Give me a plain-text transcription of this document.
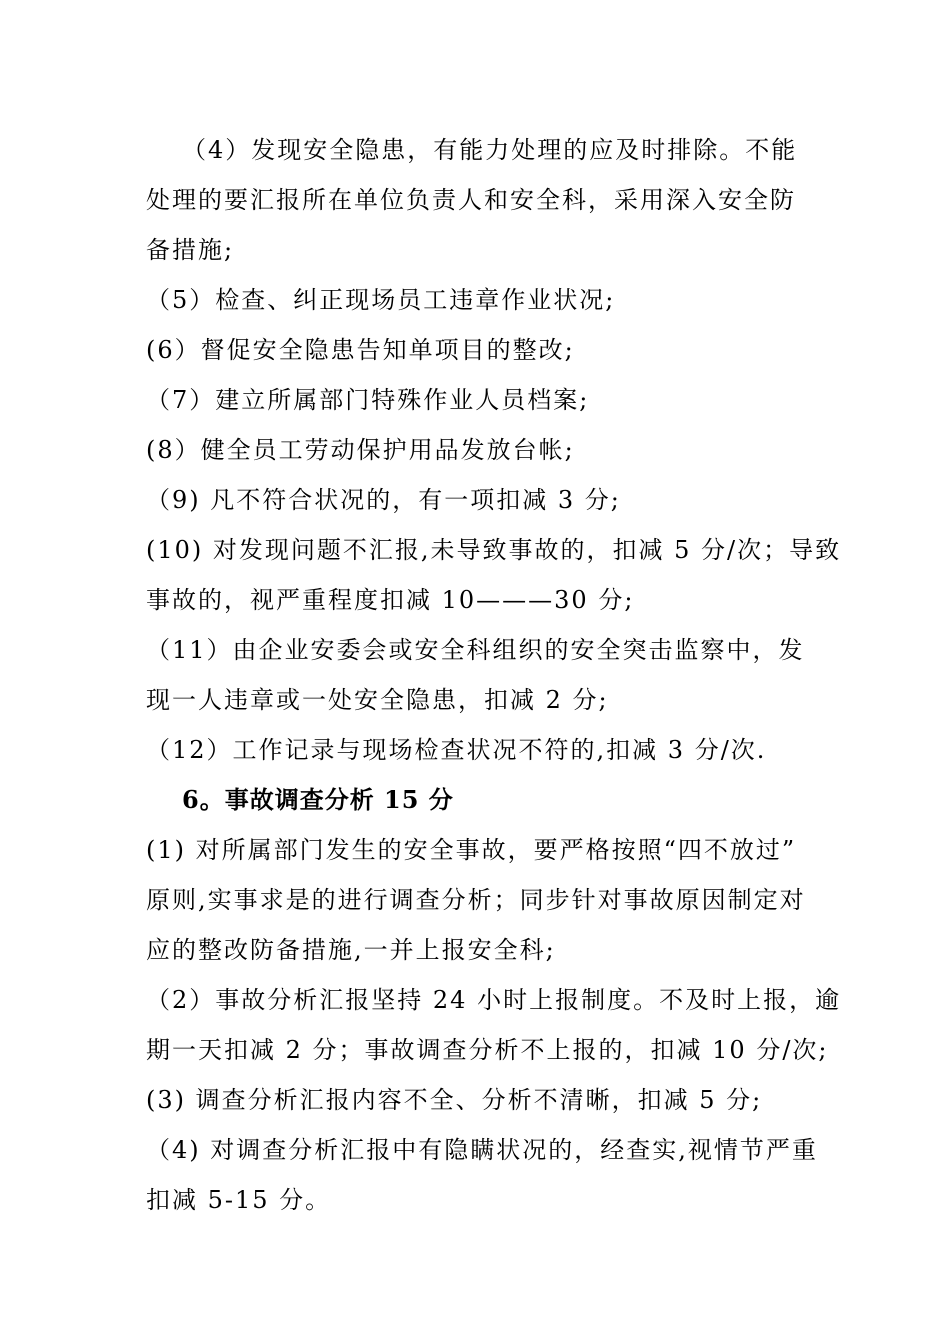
（4）发现安全隐患，有能力处理的应及时排除。不能
处理的要汇报所在单位负责人和安全科，采用深入安全防
备措施;
（5）检查、纠正现场员工违章作业状况;
(6）督促安全隐患告知单项目的整改;
（7）建立所属部门特殊作业人员档案;
(8）健全员工劳动保护用品发放台帐;
（9) 凡不符合状况的，有一项扣减 3 分;
(10) 对发现问题不汇报,未导致事故的，扣减 5 分/次；导致
事故的，视严重程度扣减 10———30 分;
（11）由企业安委会或安全科组织的安全突击监察中，发
现一人违章或一处安全隐患，扣减 2 分;
（12）工作记录与现场检查状况不符的,扣减 3 分/次.
6。事故调查分析 15 分
(1) 对所属部门发生的安全事故，要严格按照“四不放过”
原则,实事求是的进行调查分析；同步针对事故原因制定对
应的整改防备措施,一并上报安全科;
（2）事故分析汇报坚持 24 小时上报制度。不及时上报，逾
期一天扣减 2 分；事故调查分析不上报的，扣减 10 分/次;
(3) 调查分析汇报内容不全、分析不清晰，扣减 5 分;
（4) 对调查分析汇报中有隐瞒状况的，经查实,视情节严重
扣减 5-15 分。
